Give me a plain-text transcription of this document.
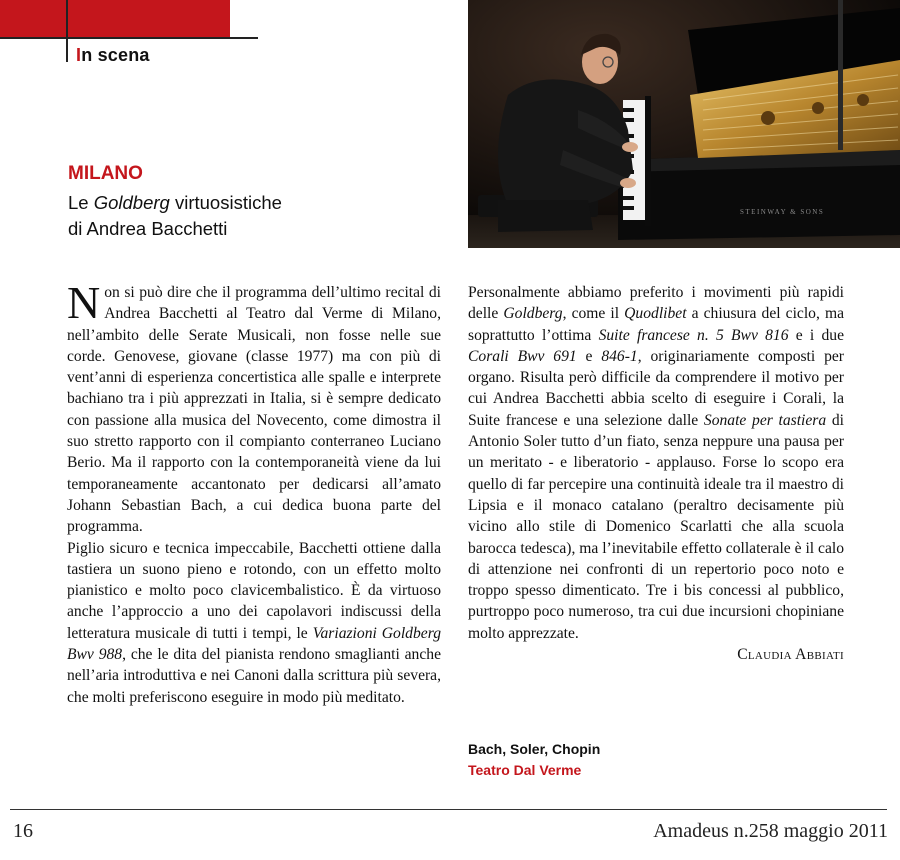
In scena
STEINWAY & SONS
MILANO
Le Goldberg virtuosistiche
di Andrea Bacchetti

Non si può dire che il programma dell’ultimo recital di Andrea Bacchetti al Teatro dal Verme di Milano, nell’ambito delle Serate Musicali, non fosse nelle sue corde. Genovese, giovane (classe 1977) ma con più di vent’anni di esperienza concertistica alle spalle e interprete bachiano tra i più apprezzati in Italia, si è sempre dedicato con passione alla musica del Novecento, come dimostra il suo stretto rapporto con il compianto conterraneo Luciano Berio. Ma il rapporto con la contemporaneità viene da lui temporaneamente accantonato per dedicarsi all’amato Johann Sebastian Bach, a cui dedica buona parte del programma.

Piglio sicuro e tecnica impeccabile, Bacchetti ottiene dalla tastiera un suono pieno e rotondo, con un effetto molto pianistico e molto poco clavicembalistico. È da virtuoso anche l’approccio a uno dei capolavori indiscussi della letteratura musicale di tutti i tempi, le Variazioni Goldberg Bwv 988, che le dita del pianista rendono smaglianti anche nell’aria introduttiva e nei Canoni dalla scrittura più severa, che molti preferiscono eseguire in modo più meditato.

Personalmente abbiamo preferito i movimenti più rapidi delle Goldberg, come il Quodlibet a chiusura del ciclo, ma soprattutto l’ottima Suite francese n. 5 Bwv 816 e i due Corali Bwv 691 e 846-1, originariamente composti per organo. Risulta però difficile da comprendere il motivo per cui Andrea Bacchetti abbia scelto di eseguire i Corali, la Suite francese e una selezione dalle Sonate per tastiera di Antonio Soler tutto d’un fiato, senza neppure una pausa per un meritato - e liberatorio - applauso. Forse lo scopo era quello di far percepire una continuità ideale tra il maestro di Lipsia e il monaco catalano (peraltro decisamente più vicino allo stile di Domenico Scarlatti che alla scuola barocca tedesca), ma l’inevitabile effetto collaterale è il calo di attenzione nei confronti di un repertorio poco noto e troppo spesso dimenticato. Tre i bis concessi al pubblico, purtroppo poco numeroso, tra cui due incursioni chopiniane molto apprezzate.

Claudia Abbiati

Bach, Soler, Chopin
Teatro Dal Verme
16	Amadeus n.258 maggio 2011
